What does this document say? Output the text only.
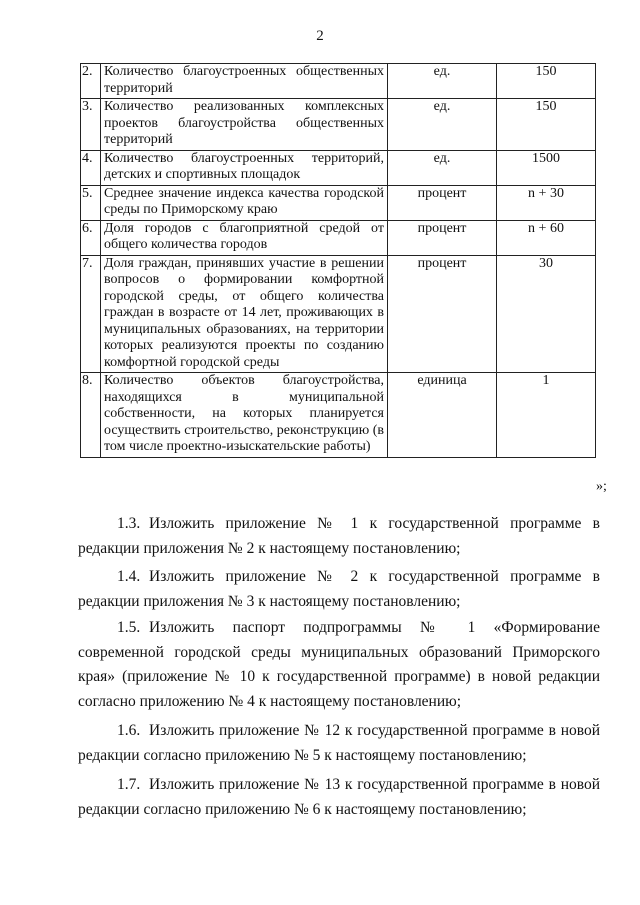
2
2.	Количество благоустроенных общественных территорий	ед.	150
3.	Количество реализованных комплексных проектов благоустройства общественных территорий	ед.	150
4.	Количество благоустроенных территорий, детских и спортивных площадок	ед.	1500
5.	Среднее значение индекса качества городской среды по Приморскому краю	процент	n + 30
6.	Доля городов с благоприятной средой от общего количества городов	процент	n + 60
7.	Доля граждан, принявших участие в решении вопросов о формировании комфортной городской среды, от общего количества граждан в возрасте от 14 лет, проживающих в муниципальных образованиях, на территории которых реализуются проекты по созданию комфортной городской среды	процент	30
8.	Количество объектов благоустройства, находящихся в муниципальной собственности, на которых планируется осуществить строительство, реконструкцию (в том числе проектно-изыскательские работы)	единица	1
»;
1.3. Изложить приложение № 1 к государственной программе в редакции приложения № 2 к настоящему постановлению;
1.4. Изложить приложение № 2 к государственной программе в редакции приложения № 3 к настоящему постановлению;
1.5. Изложить паспорт подпрограммы № 1 «Формирование современной городской среды муниципальных образований Приморского края» (приложение № 10 к государственной программе) в новой редакции согласно приложению № 4 к настоящему постановлению;
1.6. Изложить приложение № 12 к государственной программе в новой редакции согласно приложению № 5 к настоящему постановлению;
1.7. Изложить приложение № 13 к государственной программе в новой редакции согласно приложению № 6 к настоящему постановлению;
